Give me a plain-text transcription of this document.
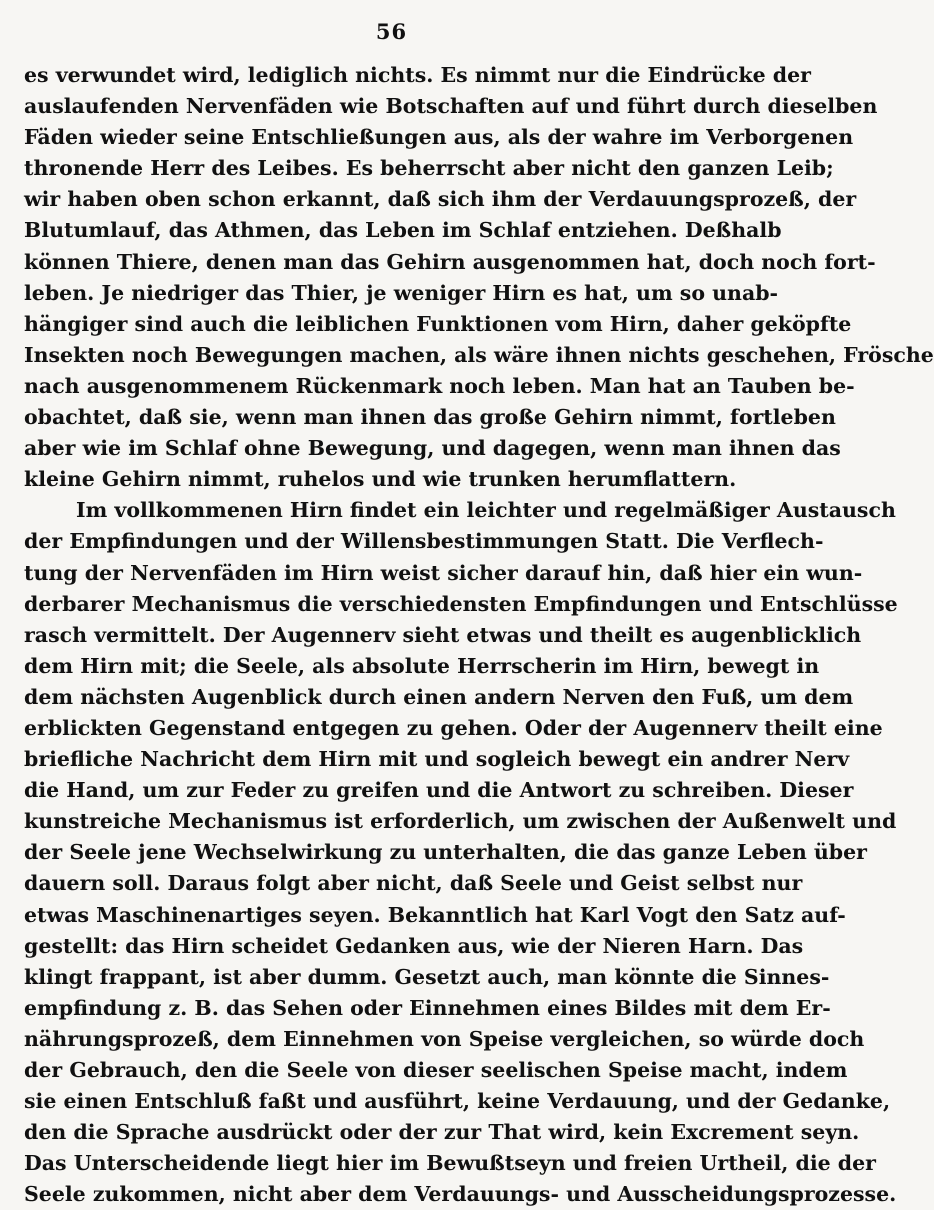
56
es verwundet wird, lediglich nichts. Es nimmt nur die Eindrücke der
auslaufenden Nervenfäden wie Botschaften auf und führt durch dieselben
Fäden wieder seine Entschließungen aus, als der wahre im Verborgenen
thronende Herr des Leibes. Es beherrscht aber nicht den ganzen Leib;
wir haben oben schon erkannt, daß sich ihm der Verdauungsprozeß, der
Blutumlauf, das Athmen, das Leben im Schlaf entziehen. Deßhalb
können Thiere, denen man das Gehirn ausgenommen hat, doch noch fort-
leben. Je niedriger das Thier, je weniger Hirn es hat, um so unab-
hängiger sind auch die leiblichen Funktionen vom Hirn, daher geköpfte
Insekten noch Bewegungen machen, als wäre ihnen nichts geschehen, Frösche
nach ausgenommenem Rückenmark noch leben. Man hat an Tauben be-
obachtet, daß sie, wenn man ihnen das große Gehirn nimmt, fortleben
aber wie im Schlaf ohne Bewegung, und dagegen, wenn man ihnen das
kleine Gehirn nimmt, ruhelos und wie trunken herumflattern.
Im vollkommenen Hirn findet ein leichter und regelmäßiger Austausch
der Empfindungen und der Willensbestimmungen Statt. Die Verflech-
tung der Nervenfäden im Hirn weist sicher darauf hin, daß hier ein wun-
derbarer Mechanismus die verschiedensten Empfindungen und Entschlüsse
rasch vermittelt. Der Augennerv sieht etwas und theilt es augenblicklich
dem Hirn mit; die Seele, als absolute Herrscherin im Hirn, bewegt in
dem nächsten Augenblick durch einen andern Nerven den Fuß, um dem
erblickten Gegenstand entgegen zu gehen. Oder der Augennerv theilt eine
briefliche Nachricht dem Hirn mit und sogleich bewegt ein andrer Nerv
die Hand, um zur Feder zu greifen und die Antwort zu schreiben. Dieser
kunstreiche Mechanismus ist erforderlich, um zwischen der Außenwelt und
der Seele jene Wechselwirkung zu unterhalten, die das ganze Leben über
dauern soll. Daraus folgt aber nicht, daß Seele und Geist selbst nur
etwas Maschinenartiges seyen. Bekanntlich hat Karl Vogt den Satz auf-
gestellt: das Hirn scheidet Gedanken aus, wie der Nieren Harn. Das
klingt frappant, ist aber dumm. Gesetzt auch, man könnte die Sinnes-
empfindung z. B. das Sehen oder Einnehmen eines Bildes mit dem Er-
nährungsprozeß, dem Einnehmen von Speise vergleichen, so würde doch
der Gebrauch, den die Seele von dieser seelischen Speise macht, indem
sie einen Entschluß faßt und ausführt, keine Verdauung, und der Gedanke,
den die Sprache ausdrückt oder der zur That wird, kein Excrement seyn.
Das Unterscheidende liegt hier im Bewußtseyn und freien Urtheil, die der
Seele zukommen, nicht aber dem Verdauungs- und Ausscheidungsprozesse.
